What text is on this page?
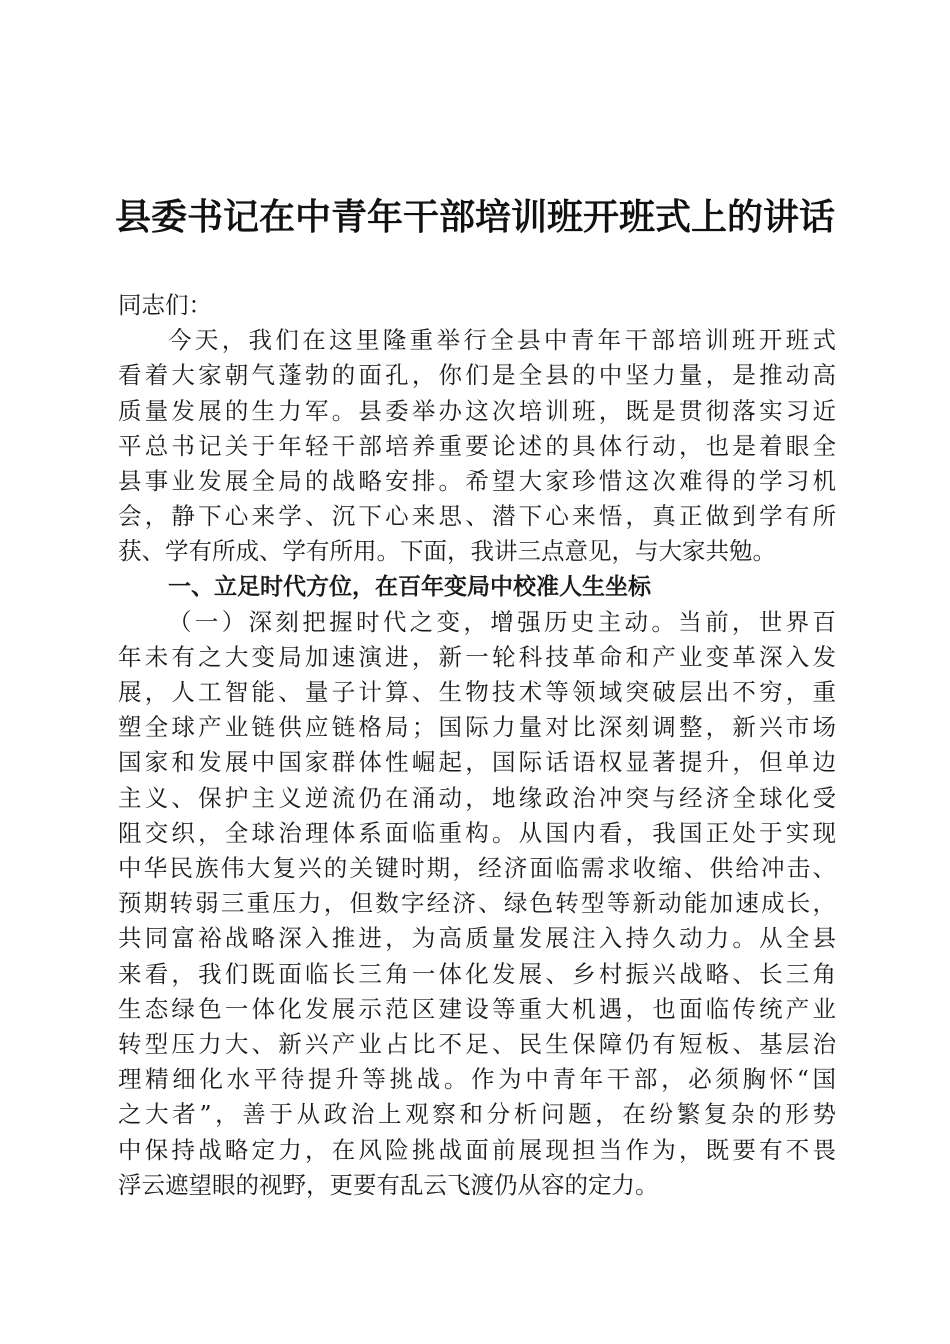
县委书记在中青年干部培训班开班式上的讲话
同志们：
今天，我们在这里隆重举行全县中青年干部培训班开班式
看着大家朝气蓬勃的面孔，你们是全县的中坚力量，是推动高
质量发展的生力军。县委举办这次培训班，既是贯彻落实习近
平总书记关于年轻干部培养重要论述的具体行动，也是着眼全
县事业发展全局的战略安排。希望大家珍惜这次难得的学习机
会，静下心来学、沉下心来思、潜下心来悟，真正做到学有所
获、学有所成、学有所用。下面，我讲三点意见，与大家共勉。
一、立足时代方位，在百年变局中校准人生坐标
（一）深刻把握时代之变，增强历史主动。当前，世界百
年未有之大变局加速演进，新一轮科技革命和产业变革深入发
展，人工智能、量子计算、生物技术等领域突破层出不穷，重
塑全球产业链供应链格局；国际力量对比深刻调整，新兴市场
国家和发展中国家群体性崛起，国际话语权显著提升，但单边
主义、保护主义逆流仍在涌动，地缘政治冲突与经济全球化受
阻交织，全球治理体系面临重构。从国内看，我国正处于实现
中华民族伟大复兴的关键时期，经济面临需求收缩、供给冲击、
预期转弱三重压力，但数字经济、绿色转型等新动能加速成长，
共同富裕战略深入推进，为高质量发展注入持久动力。从全县
来看，我们既面临长三角一体化发展、乡村振兴战略、长三角
生态绿色一体化发展示范区建设等重大机遇，也面临传统产业
转型压力大、新兴产业占比不足、民生保障仍有短板、基层治
理精细化水平待提升等挑战。作为中青年干部，必须胸怀“国
之大者”，善于从政治上观察和分析问题，在纷繁复杂的形势
中保持战略定力，在风险挑战面前展现担当作为，既要有不畏
浮云遮望眼的视野，更要有乱云飞渡仍从容的定力。
